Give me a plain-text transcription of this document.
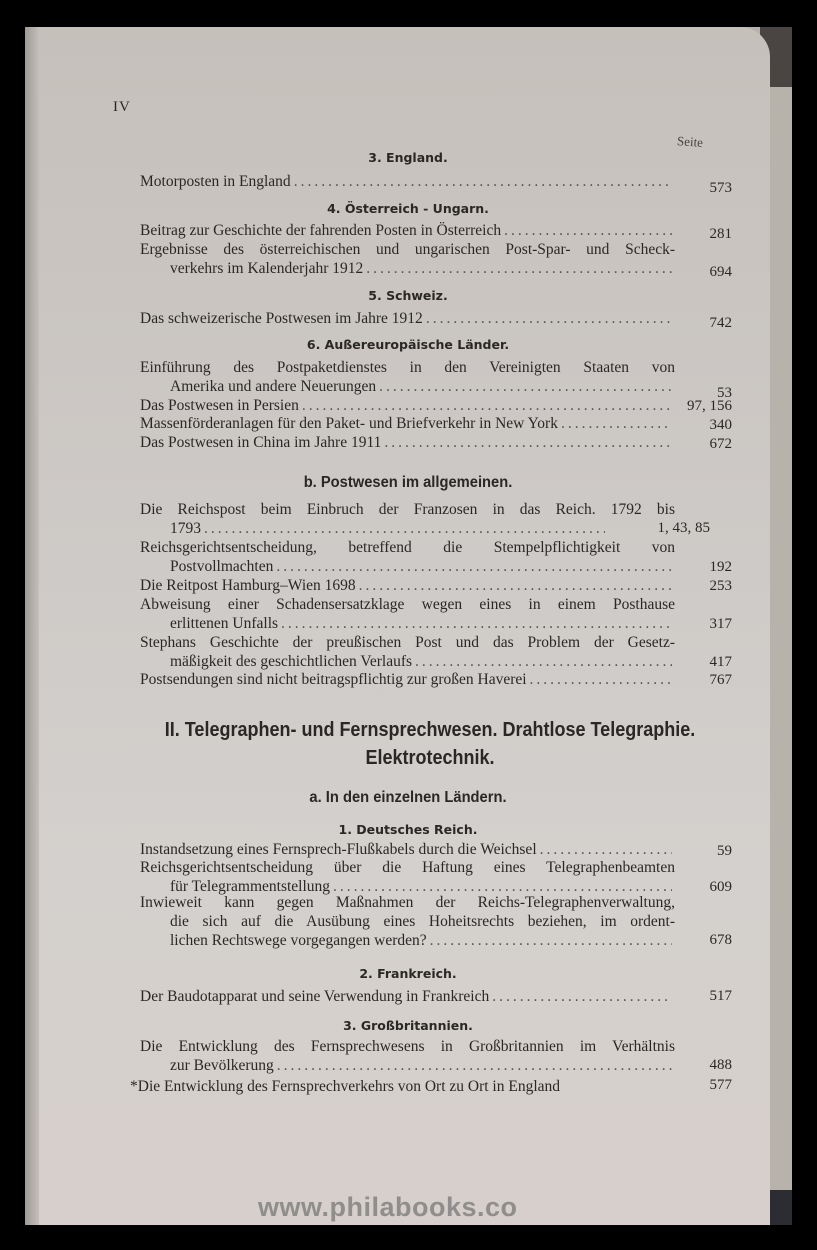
IV
Seite
3. England.
Motorposten in England .....	573
4. Österreich - Ungarn.
Beitrag zur Geschichte der fahrenden Posten in Österreich .....	281
Ergebnisse des österreichischen und ungarischen Post-Spar- und Scheck-
verkehrs im Kalenderjahr 1912 .....	694
5. Schweiz.
Das schweizerische Postwesen im Jahre 1912 .....	742
6. Außereuropäische Länder.
Einführung des Postpaketdienstes in den Vereinigten Staaten von
Amerika und andere Neuerungen .....	53
Das Postwesen in Persien .....	97, 156
Massenförderanlagen für den Paket- und Briefverkehr in New York .....	340
Das Postwesen in China im Jahre 1911 .....	672
b. Postwesen im allgemeinen.
Die Reichspost beim Einbruch der Franzosen in das Reich. 1792 bis
1793 .....	1, 43, 85
Reichsgerichtsentscheidung, betreffend die Stempelpflichtigkeit von
Postvollmachten .....	192
Die Reitpost Hamburg–Wien 1698 .....	253
Abweisung einer Schadensersatzklage wegen eines in einem Posthause
erlittenen Unfalls .....	317
Stephans Geschichte der preußischen Post und das Problem der Gesetz-
mäßigkeit des geschichtlichen Verlaufs .....	417
Postsendungen sind nicht beitragspflichtig zur großen Haverei .....	767
II. Telegraphen- und Fernsprechwesen. Drahtlose Telegraphie.
Elektrotechnik.
a. In den einzelnen Ländern.
1. Deutsches Reich.
Instandsetzung eines Fernsprech-Flußkabels durch die Weichsel .....	59
Reichsgerichtsentscheidung über die Haftung eines Telegraphenbeamten
für Telegrammentstellung .....	609
Inwieweit kann gegen Maßnahmen der Reichs-Telegraphenverwaltung,
die sich auf die Ausübung eines Hoheitsrechts beziehen, im ordent-
lichen Rechtswege vorgegangen werden? .....	678
2. Frankreich.
Der Baudotapparat und seine Verwendung in Frankreich .....	517
3. Großbritannien.
Die Entwicklung des Fernsprechwesens in Großbritannien im Verhältnis
zur Bevölkerung .....	488
*Die Entwicklung des Fernsprechverkehrs von Ort zu Ort in England	577
www.philabooks.co
